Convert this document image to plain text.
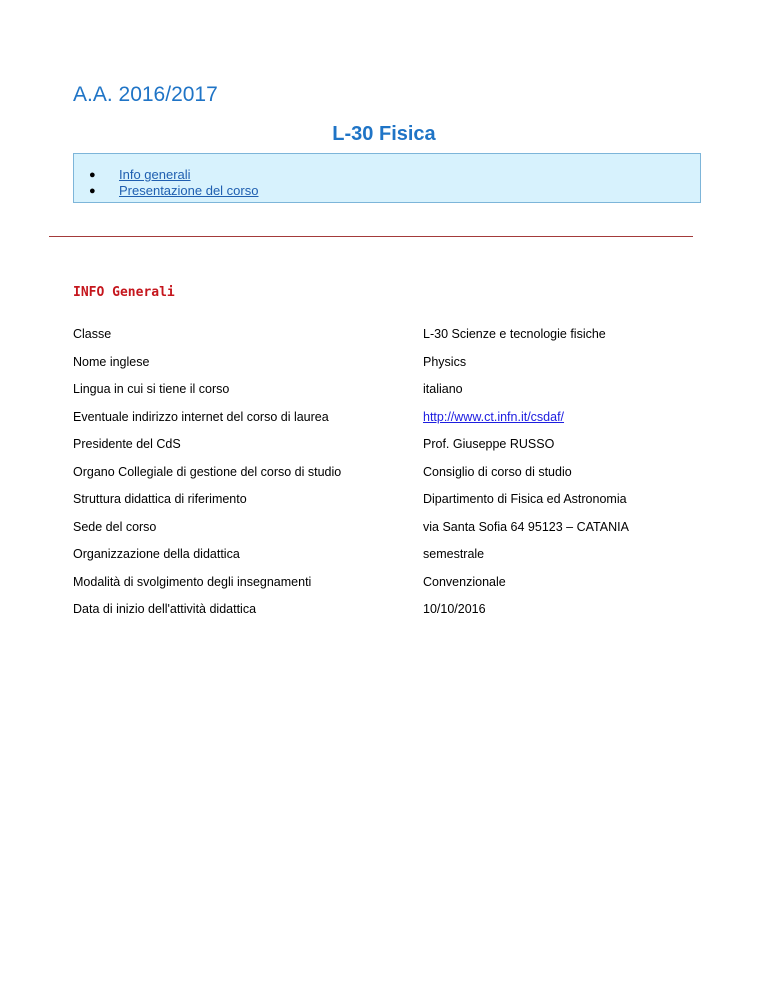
A.A. 2016/2017
L-30 Fisica
● Info generali
● Presentazione del corso
INFO Generali
Classe	L-30 Scienze e tecnologie fisiche
Nome inglese	Physics
Lingua in cui si tiene il corso	italiano
Eventuale indirizzo internet del corso di laurea	http://www.ct.infn.it/csdaf/
Presidente del CdS	Prof. Giuseppe RUSSO
Organo Collegiale di gestione del corso di studio	Consiglio di corso di studio
Struttura didattica di riferimento	Dipartimento di Fisica ed Astronomia
Sede del corso	via Santa Sofia 64 95123 – CATANIA
Organizzazione della didattica	semestrale
Modalità di svolgimento degli insegnamenti	Convenzionale
Data di inizio dell'attività didattica	10/10/2016
